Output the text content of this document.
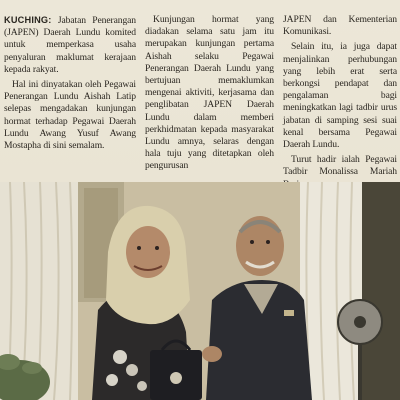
KUCHING: Jabatan Penerangan (JAPEN) Daerah Lundu komited untuk memperkasa usaha penyaluran maklumat kerajaan kepada rakyat.

Hal ini dinyatakan oleh Pegawai Penerangan Lundu Aishah Latip selepas mengadakan kunjungan hormat terhadap Pegawai Daerah Lundu Awang Yusuf Awang Mostapha di sini semalam.

Kunjungan hormat yang diadakan selama satu jam itu merupakan kunjungan pertama Aishah selaku Pegawai Penerangan Daerah Lundu yang bertujuan memaklumkan mengenai aktiviti, kerjasama dan penglibatan JAPEN Daerah Lundu dalam memberi perkhidmatan kepada masyarakat Lundu amnya, selaras dengan hala tuju yang ditetapkan oleh pengurusan

JAPEN dan Kementerian Komunikasi.

Selain itu, ia juga dapat menjalinkan perhubungan yang lebih erat serta berkongsi pendapat dan pengalaman bagi meningkatkan lagi tadbir urus jabatan di samping sesi suai kenal bersama Pegawai Daerah Lundu.

Turut hadir ialah Pegawai Tadbir Monalissa Mariah
